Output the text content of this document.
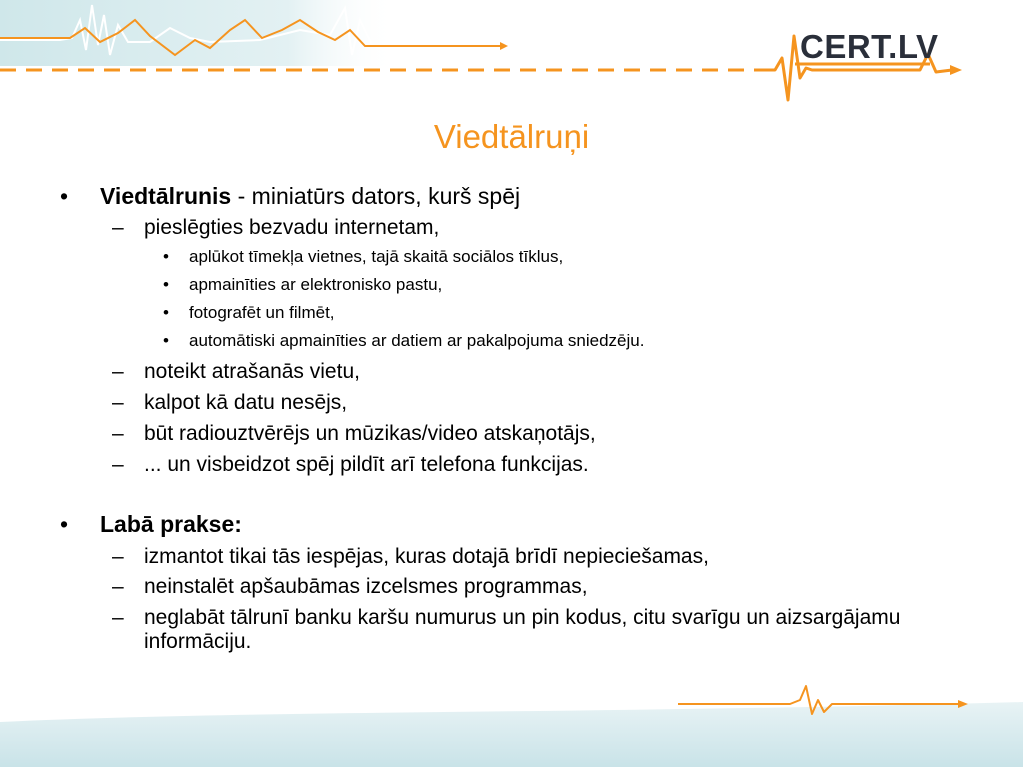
CERT.LV
Viedtālruņi
•	Viedtālrunis - miniatūrs dators, kurš spēj
– pieslēgties bezvadu internetam,
• aplūkot tīmekļa vietnes, tajā skaitā sociālos tīklus,
• apmainīties ar elektronisko pastu,
• fotografēt un filmēt,
• automātiski apmainīties ar datiem ar pakalpojuma sniedzēju.
– noteikt atrašanās vietu,
– kalpot kā datu nesējs,
– būt radiouztvērējs un mūzikas/video atskaņotājs,
– ... un visbeidzot spēj pildīt arī telefona funkcijas.
•	Labā prakse:
– izmantot tikai tās iespējas, kuras dotajā brīdī nepieciešamas,
– neinstalēt apšaubāmas izcelsmes programmas,
– neglabāt tālrunī banku karšu numurus un pin kodus, citu svarīgu un aizsargājamu informāciju.
